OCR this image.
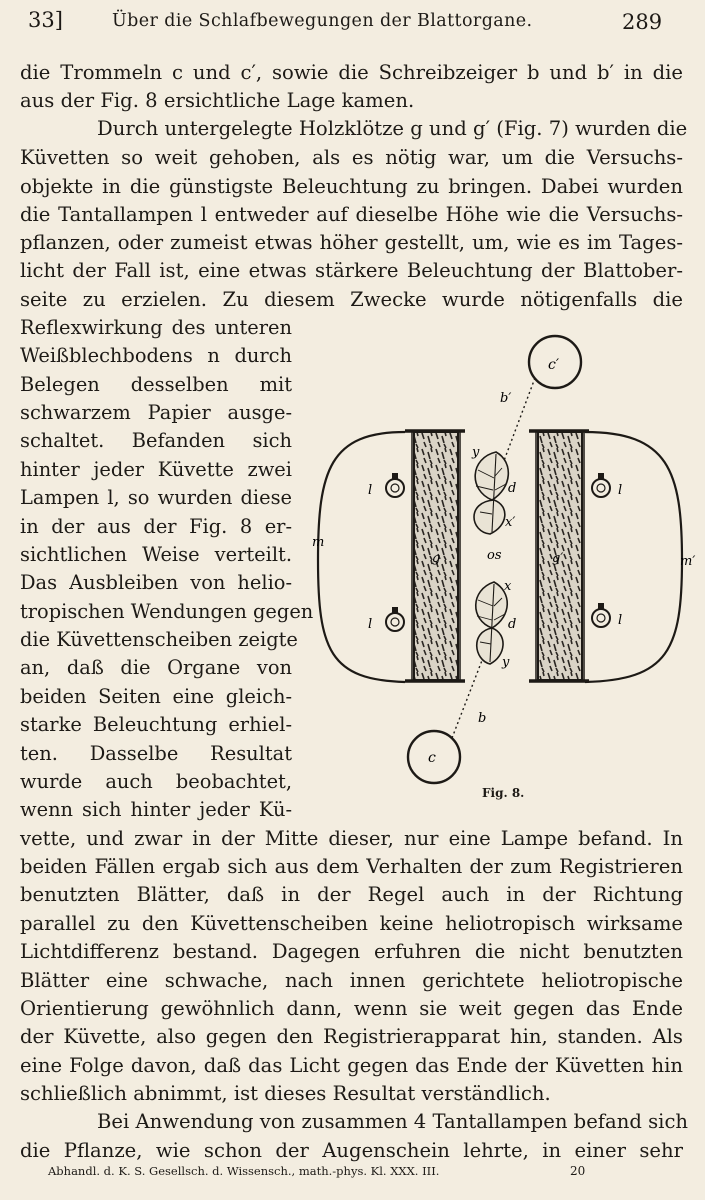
33]	Über die Schlafbewegungen der Blattorgane.	289
die Trommeln c und c′, sowie die Schreibzeiger b und b′ in die
aus der Fig. 8 ersichtliche Lage kamen.
Durch untergelegte Holzklötze g und g′ (Fig. 7) wurden die
Küvetten so weit gehoben, als es nötig war, um die Versuchs-
objekte in die günstigste Beleuchtung zu bringen. Dabei wurden
die Tantallampen l entweder auf dieselbe Höhe wie die Versuchs-
pflanzen, oder zumeist etwas höher gestellt, um, wie es im Tages-
licht der Fall ist, eine etwas stärkere Beleuchtung der Blattober-
seite zu erzielen. Zu diesem Zwecke wurde nötigenfalls die
Reflexwirkung des unteren
Weißblechbodens n durch
Belegen desselben mit
schwarzem Papier ausge-
schaltet. Befanden sich
hinter jeder Küvette zwei
Lampen l, so wurden diese
in der aus der Fig. 8 er-
sichtlichen Weise verteilt.
Das Ausbleiben von helio-
tropischen Wendungen gegen
die Küvettenscheiben zeigte
an, daß die Organe von
beiden Seiten eine gleich-
starke Beleuchtung erhiel-
ten. Dasselbe Resultat
wurde auch beobachtet,
wenn sich hinter jeder Kü-
vette, und zwar in der Mitte dieser, nur eine Lampe befand. In
beiden Fällen ergab sich aus dem Verhalten der zum Registrieren
benutzten Blätter, daß in der Regel auch in der Richtung
parallel zu den Küvettenscheiben keine heliotropisch wirksame
Lichtdifferenz bestand. Dagegen erfuhren die nicht benutzten
Blätter eine schwache, nach innen gerichtete heliotropische
Orientierung gewöhnlich dann, wenn sie weit gegen das Ende
der Küvette, also gegen den Registrierapparat hin, standen. Als
eine Folge davon, daß das Licht gegen das Ende der Küvetten hin
schließlich abnimmt, ist dieses Resultat verständlich.
Bei Anwendung von zusammen 4 Tantallampen befand sich
die Pflanze, wie schon der Augenschein lehrte, in einer sehr
c′
b′
y
d
x′
os
g	g′
m
m′
l
l
l
l
x
d
y
b
c
Fig. 8.
Abhandl. d. K. S. Gesellsch. d. Wissensch., math.-phys. Kl. XXX. III.	20
